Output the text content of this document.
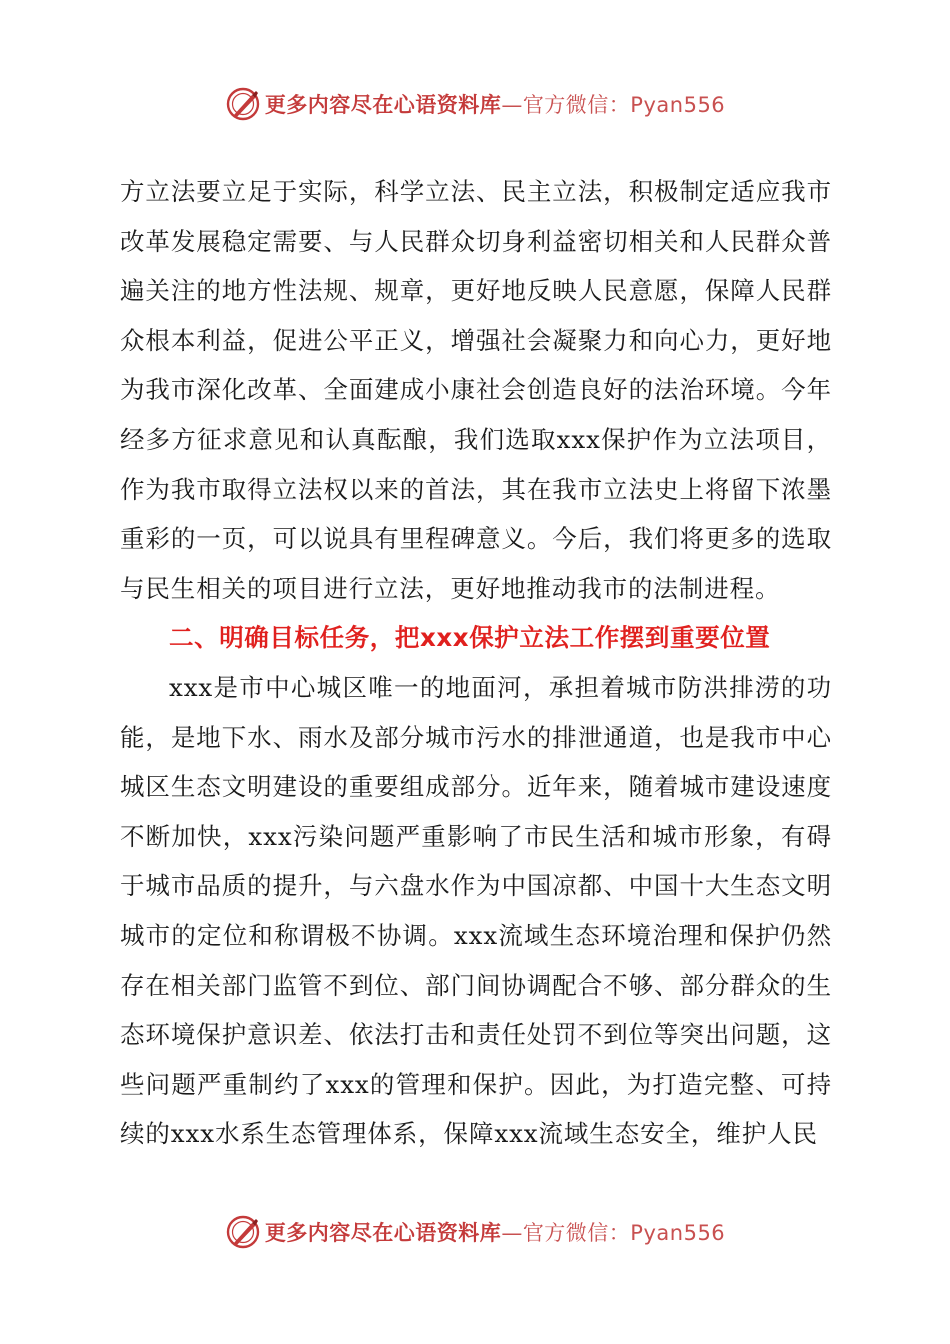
更多内容尽在心语资料库—官方微信：Pyan556

方立法要立足于实际，科学立法、民主立法，积极制定适应我市改革发展稳定需要、与人民群众切身利益密切相关和人民群众普遍关注的地方性法规、规章，更好地反映人民意愿，保障人民群众根本利益，促进公平正义，增强社会凝聚力和向心力，更好地为我市深化改革、全面建成小康社会创造良好的法治环境。今年经多方征求意见和认真酝酿，我们选取xxx保护作为立法项目，作为我市取得立法权以来的首法，其在我市立法史上将留下浓墨重彩的一页，可以说具有里程碑意义。今后，我们将更多的选取与民生相关的项目进行立法，更好地推动我市的法制进程。

二、明确目标任务，把xxx保护立法工作摆到重要位置

xxx是市中心城区唯一的地面河，承担着城市防洪排涝的功能，是地下水、雨水及部分城市污水的排泄通道，也是我市中心城区生态文明建设的重要组成部分。近年来，随着城市建设速度不断加快，xxx污染问题严重影响了市民生活和城市形象，有碍于城市品质的提升，与六盘水作为中国凉都、中国十大生态文明城市的定位和称谓极不协调。xxx流域生态环境治理和保护仍然存在相关部门监管不到位、部门间协调配合不够、部分群众的生态环境保护意识差、依法打击和责任处罚不到位等突出问题，这些问题严重制约了xxx的管理和保护。因此，为打造完整、可持续的xxx水系生态管理体系，保障xxx流域生态安全，维护人民

更多内容尽在心语资料库—官方微信：Pyan556
